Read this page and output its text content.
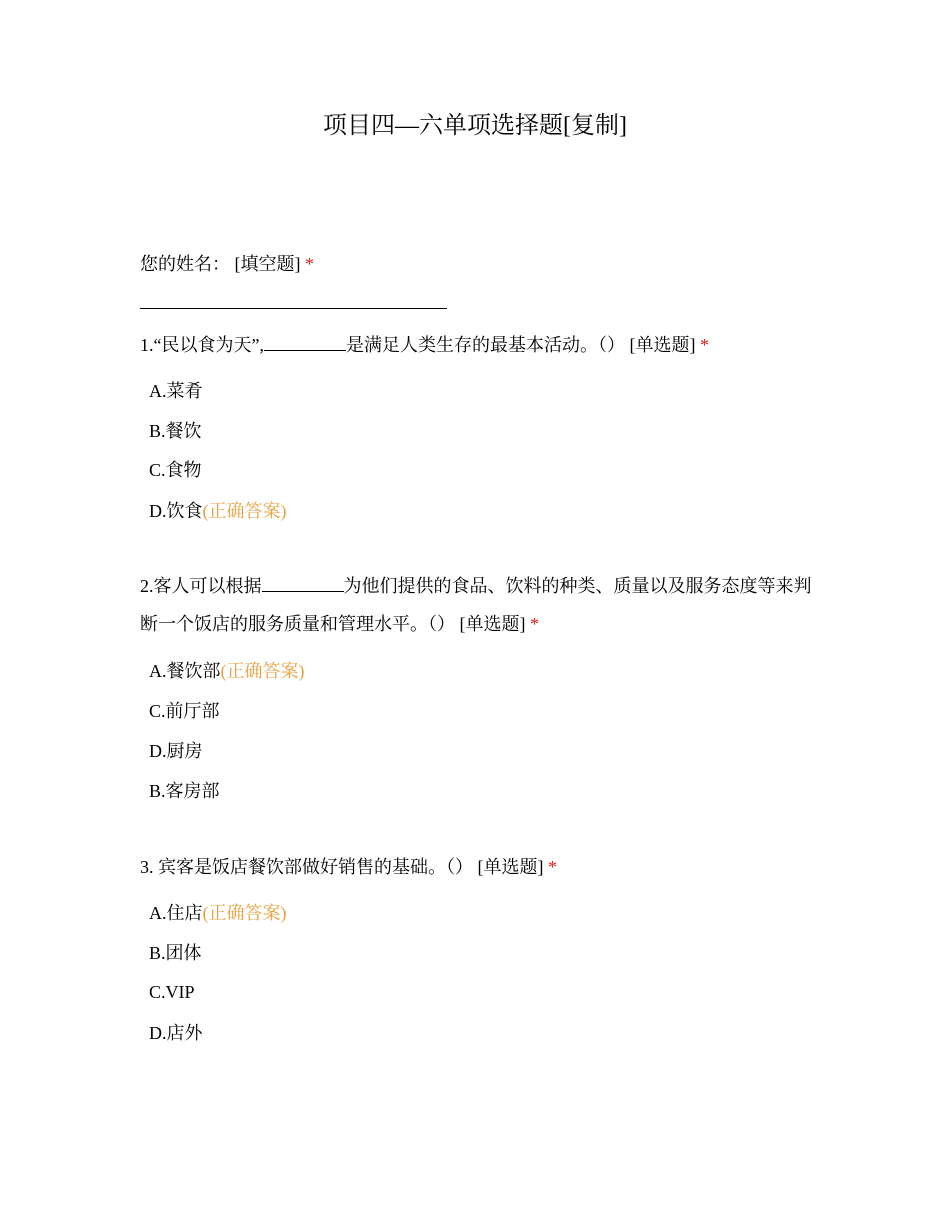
项目四—六单项选择题[复制]
您的姓名： [填空题] *
1.“民以食为天”,	是满足人类生存的最基本活动。（） [单选题] *
A.菜肴
B.餐饮
C.食物
D.饮食(正确答案)
2.客人可以根据	为他们提供的食品、饮料的种类、质量以及服务态度等来判断一个饭店的服务质量和管理水平。（） [单选题] *
A.餐饮部(正确答案)
C.前厅部
D.厨房
B.客房部
3. 宾客是饭店餐饮部做好销售的基础。（） [单选题] *
A.住店(正确答案)
B.团体
C.VIP
D.店外
